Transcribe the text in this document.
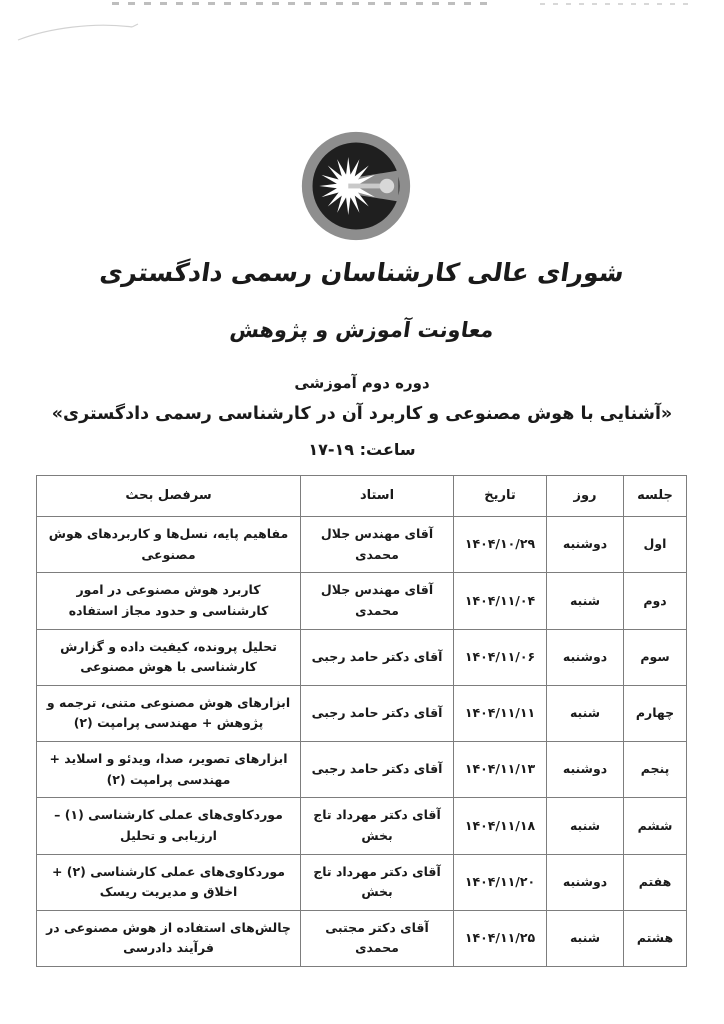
شورای عالی کارشناسان رسمی دادگستری
معاونت آموزش و پژوهش
دوره دوم آموزشی
«آشنایی با هوش مصنوعی و کاربرد آن در کارشناسی رسمی دادگستری»
ساعت: ۱۹-۱۷
جلسه	روز	تاریخ	استاد	سرفصل بحث
اول	دوشنبه	۱۴۰۴/۱۰/۲۹	آقای مهندس جلال محمدی	مفاهیم پایه، نسل‌ها و کاربردهای هوش مصنوعی
دوم	شنبه	۱۴۰۴/۱۱/۰۴	آقای مهندس جلال محمدی	کاربرد هوش مصنوعی در امور کارشناسی و حدود مجاز استفاده
سوم	دوشنبه	۱۴۰۴/۱۱/۰۶	آقای دکتر حامد رجبی	تحلیل پرونده، کیفیت داده و گزارش کارشناسی با هوش مصنوعی
چهارم	شنبه	۱۴۰۴/۱۱/۱۱	آقای دکتر حامد رجبی	ابزارهای هوش مصنوعی متنی، ترجمه و پژوهش + مهندسی پرامپت (۲)
پنجم	دوشنبه	۱۴۰۴/۱۱/۱۳	آقای دکتر حامد رجبی	ابزارهای تصویر، صدا، ویدئو و اسلاید + مهندسی پرامپت (۲)
ششم	شنبه	۱۴۰۴/۱۱/۱۸	آقای دکتر مهرداد تاج بخش	موردکاوی‌های عملی کارشناسی (۱) – ارزیابی و تحلیل
هفتم	دوشنبه	۱۴۰۴/۱۱/۲۰	آقای دکتر مهرداد تاج بخش	موردکاوی‌های عملی کارشناسی (۲) + اخلاق و مدیریت ریسک
هشتم	شنبه	۱۴۰۴/۱۱/۲۵	آقای دکتر مجتبی محمدی	چالش‌های استفاده از هوش مصنوعی در فرآیند دادرسی
